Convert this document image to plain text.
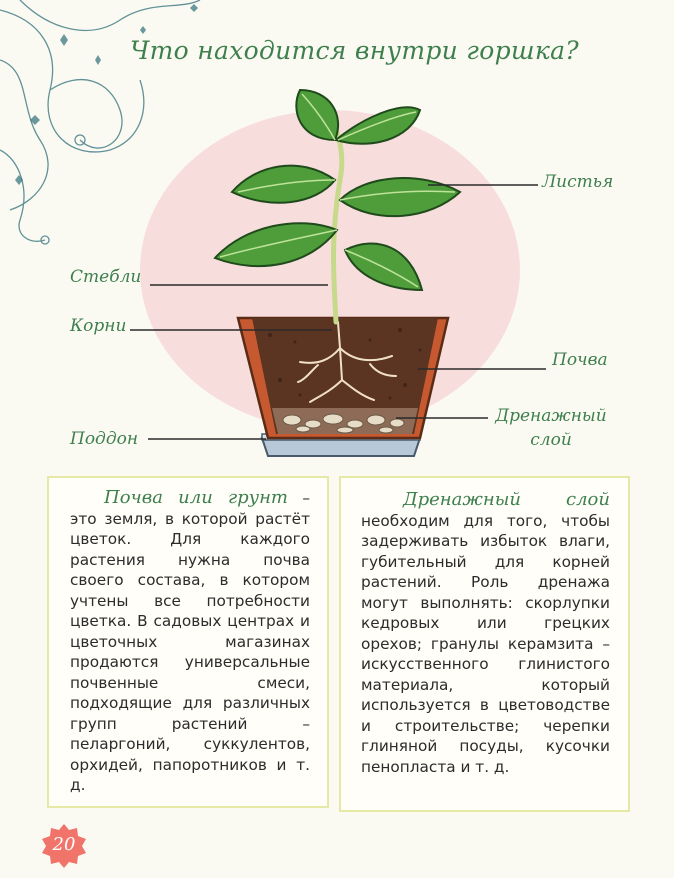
Что находится внутри горшка?
Листья
Стебли
Корни
Почва
Дренажный слой
Поддон
Почва или грунт – это земля, в которой растёт цветок. Для каждого растения нужна почва своего состава, в котором учтены все потребности цветка. В садовых центрах и цветочных магазинах продаются универсальные почвенные смеси, подходящие для различных групп растений – пеларгоний, суккулентов, орхидей, папоротников и т. д.
Дренажный слой необходим для того, чтобы задерживать избыток влаги, губительный для корней растений. Роль дренажа могут выполнять: скорлупки кедровых или грецких орехов; гранулы керамзита – искусственного глинистого материала, который используется в цветоводстве и строительстве; черепки глиняной посуды, кусочки пенопласта и т. д.
20
